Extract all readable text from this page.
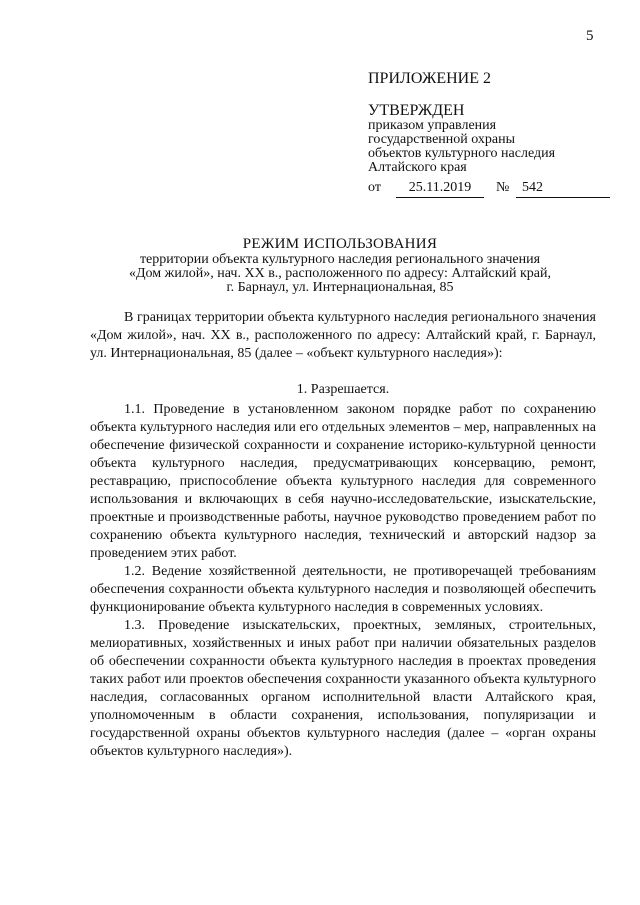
5
ПРИЛОЖЕНИЕ 2
УТВЕРЖДЕН
приказом управления
государственной охраны
объектов культурного наследия
Алтайского края
от 25.11.2019 № 542
РЕЖИМ ИСПОЛЬЗОВАНИЯ
территории объекта культурного наследия регионального значения
«Дом жилой», нач. XX в., расположенного по адресу: Алтайский край,
г. Барнаул, ул. Интернациональная, 85

В границах территории объекта культурного наследия регионального значения «Дом жилой», нач. XX в., расположенного по адресу: Алтайский край, г. Барнаул, ул. Интернациональная, 85 (далее – «объект культурного наследия»):

1. Разрешается.

1.1. Проведение в установленном законом порядке работ по сохранению объекта культурного наследия или его отдельных элементов – мер, направленных на обеспечение физической сохранности и сохранение историко-культурной ценности объекта культурного наследия, предусматривающих консервацию, ремонт, реставрацию, приспособление объекта культурного наследия для современного использования и включающих в себя научно-исследовательские, изыскательские, проектные и производственные работы, научное руководство проведением работ по сохранению объекта культурного наследия, технический и авторский надзор за проведением этих работ.

1.2. Ведение хозяйственной деятельности, не противоречащей требованиям обеспечения сохранности объекта культурного наследия и позволяющей обеспечить функционирование объекта культурного наследия в современных условиях.

1.3. Проведение изыскательских, проектных, земляных, строительных, мелиоративных, хозяйственных и иных работ при наличии обязательных разделов об обеспечении сохранности объекта культурного наследия в проектах проведения таких работ или проектов обеспечения сохранности указанного объекта культурного наследия, согласованных органом исполнительной власти Алтайского края, уполномоченным в области сохранения, использования, популяризации и государственной охраны объектов культурного наследия (далее – «орган охраны объектов культурного наследия»).
